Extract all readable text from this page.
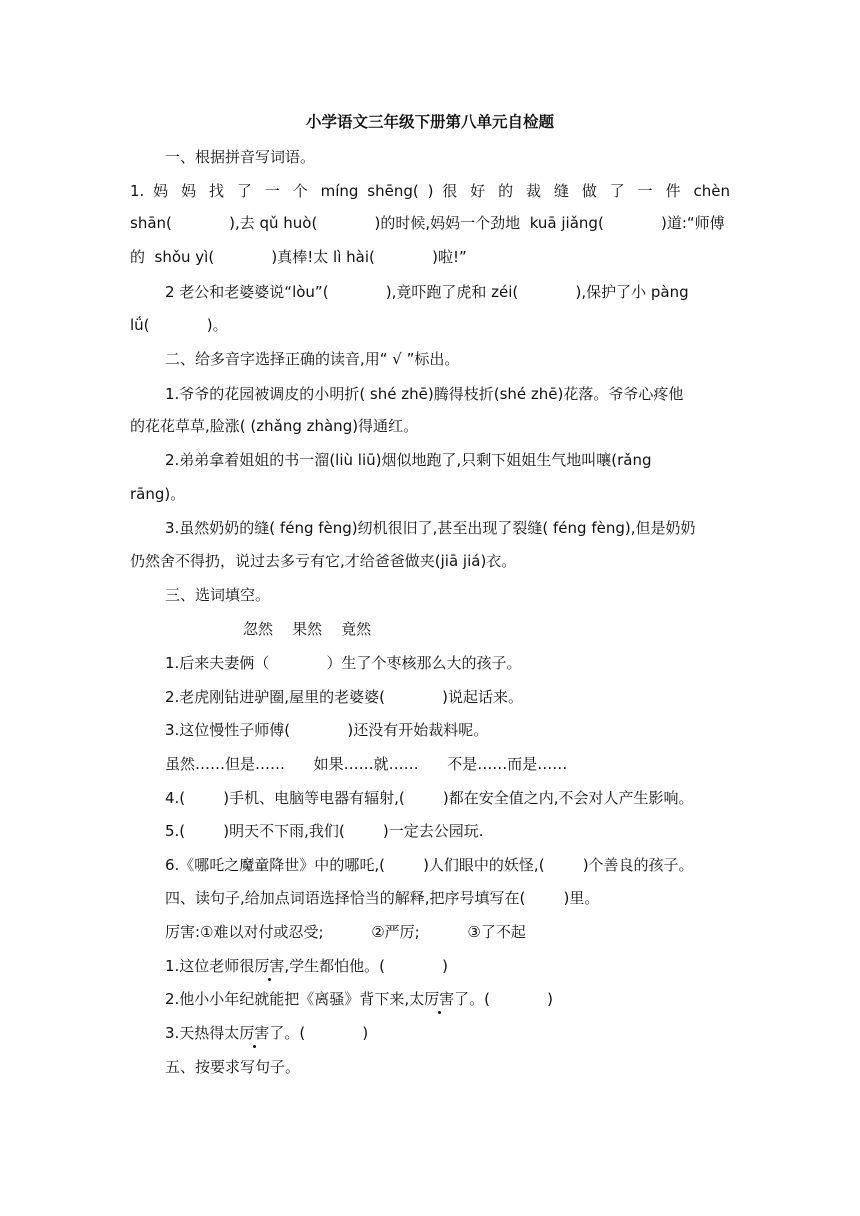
小学语文三年级下册第八单元自检题
一、根据拼音写词语。
1. 妈 妈 找 了 一 个 míng shēng( ) 很 好 的 裁 缝 做 了 一 件 chèn
shān(            ),去 qǔ huò(            )的时候,妈妈一个劲地  kuā jiǎng(            )道:“师傅
的  shǒu yì(            )真棒!太 lì hài(            )啦!”
2 老公和老婆婆说“lòu”(            ),竟吓跑了虎和 zéi(            ),保护了小 pàng
lǘ(            )。
二、给多音字选择正确的读音,用“ √ ”标出。
1.爷爷的花园被调皮的小明折( shé zhē)腾得枝折(shé zhē)花落。爷爷心疼他
的花花草草,脸涨( (zhǎng zhàng)得通红。
2.弟弟拿着姐姐的书一溜(liù liū)烟似地跑了,只剩下姐姐生气地叫嚷(rǎng
rāng)。
3.虽然奶奶的缝( féng fèng)纫机很旧了,甚至出现了裂缝( féng fèng),但是奶奶
仍然舍不得扔，说过去多亏有它,才给爸爸做夹(jiā jiá)衣。
三、选词填空。
忽然    果然    竟然
1.后来夫妻俩（            ）生了个枣核那么大的孩子。
2.老虎刚钻进驴圈,屋里的老婆婆(            )说起话来。
3.这位慢性子师傅(            )还没有开始裁料呢。
虽然……但是……      如果……就……      不是……而是……
4.(        )手机、电脑等电器有辐射,(        )都在安全值之内,不会对人产生影响。
5.(        )明天不下雨,我们(        )一定去公园玩.
6.《哪吒之魔童降世》中的哪吒,(        )人们眼中的妖怪,(        )个善良的孩子。
四、读句子,给加点词语选择恰当的解释,把序号填写在(        )里。
厉害:①难以对付或忍受;          ②严厉;          ③了不起
1.这位老师很厉害,学生都怕他。(            )
2.他小小年纪就能把《离骚》背下来,太厉害了。(            )
3.天热得太厉害了。(            )
五、按要求写句子。
